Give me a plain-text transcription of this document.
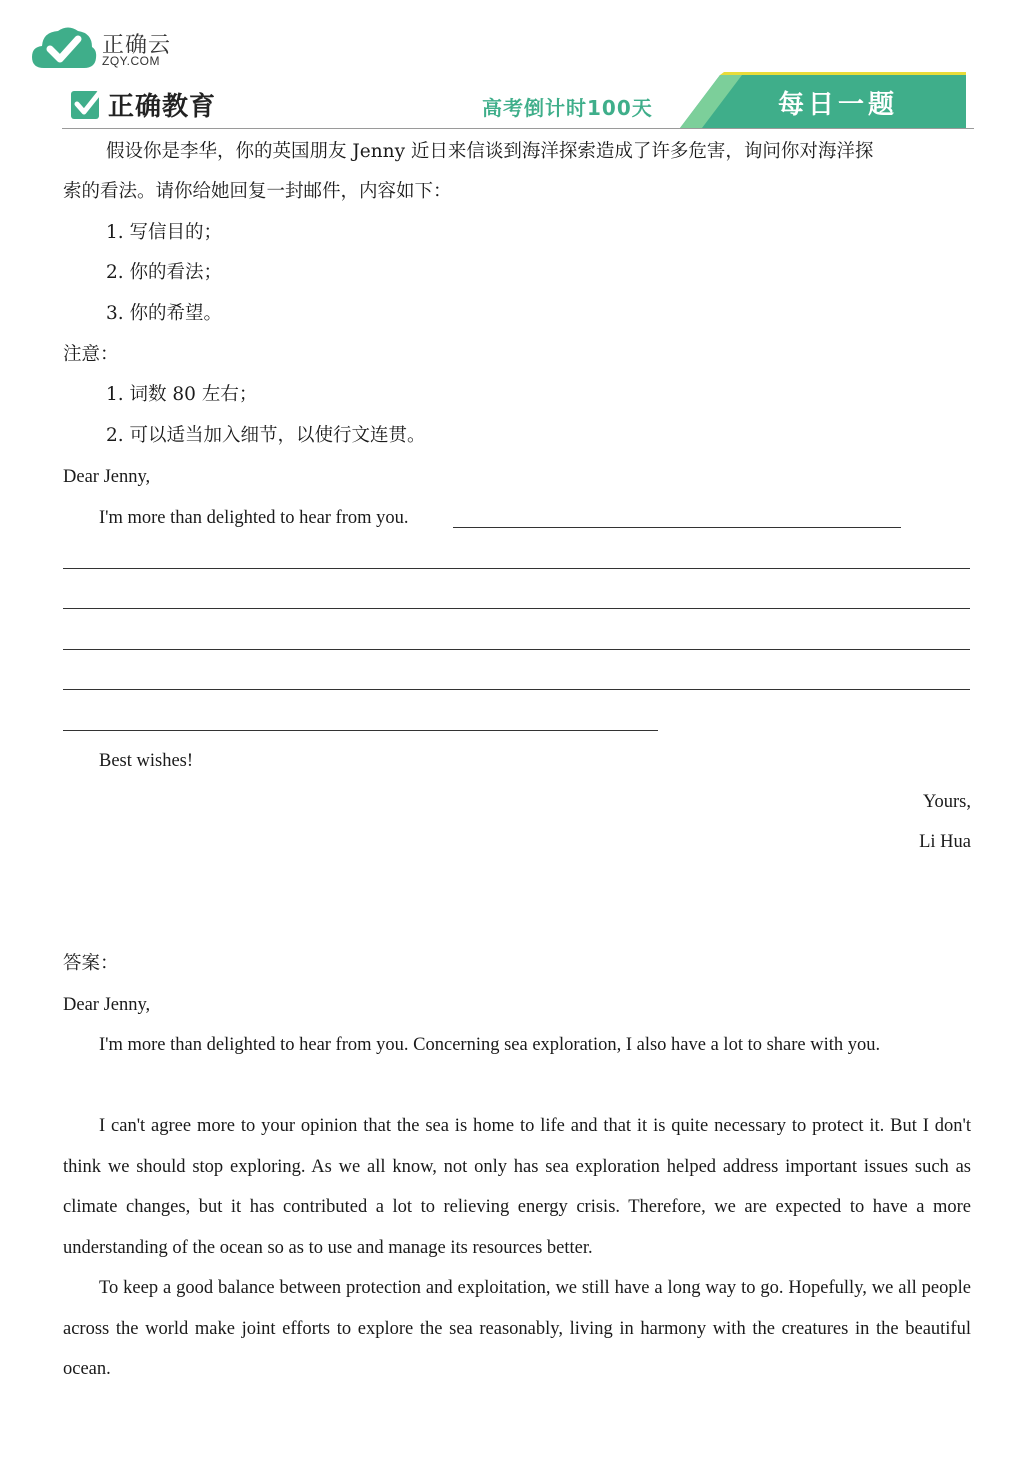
正确云
ZQY.COM
正确教育	高考倒计时100天	每日一题
假设你是李华，你的英国朋友 Jenny 近日来信谈到海洋探索造成了许多危害，询问你对海洋探
索的看法。请你给她回复一封邮件，内容如下：
1. 写信目的；
2. 你的看法；
3. 你的希望。
注意：
1. 词数 80 左右；
2. 可以适当加入细节，以使行文连贯。
Dear Jenny,
I'm more than delighted to hear from you.
Best wishes!
Yours,
Li Hua
答案：
Dear Jenny,
I'm more than delighted to hear from you. Concerning sea exploration, I also have a lot to share with you.
I can't agree more to your opinion that the sea is home to life and that it is quite necessary to protect it. But I don't think we should stop exploring. As we all know, not only has sea exploration helped address important issues such as climate changes, but it has contributed a lot to relieving energy crisis. Therefore, we are expected to have a more understanding of the ocean so as to use and manage its resources better.
To keep a good balance between protection and exploitation, we still have a long way to go. Hopefully, we all people across the world make joint efforts to explore the sea reasonably, living in harmony with the creatures in the beautiful ocean.
